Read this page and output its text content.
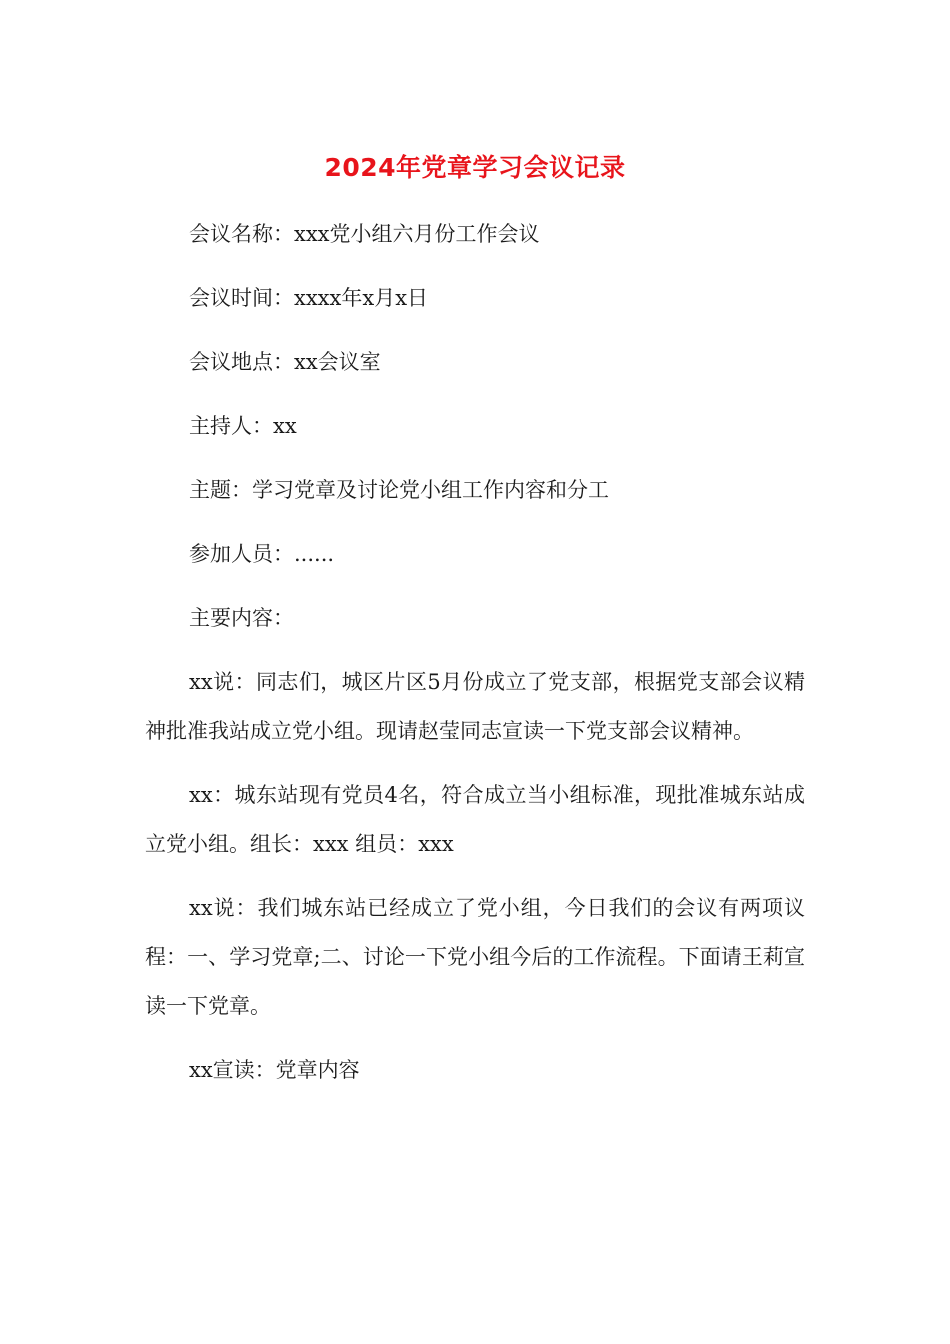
2024年党章学习会议记录

会议名称：xxx党小组六月份工作会议

会议时间：xxxx年x月x日

会议地点：xx会议室

主持人：xx

主题：学习党章及讨论党小组工作内容和分工

参加人员：......

主要内容：

xx说：同志们，城区片区5月份成立了党支部，根据党支部会议精神批准我站成立党小组。现请赵莹同志宣读一下党支部会议精神。

xx：城东站现有党员4名，符合成立当小组标准，现批准城东站成立党小组。组长：xxx 组员：xxx

xx说：我们城东站已经成立了党小组，今日我们的会议有两项议程：一、学习党章;二、讨论一下党小组今后的工作流程。下面请王莉宣读一下党章。

xx宣读：党章内容
